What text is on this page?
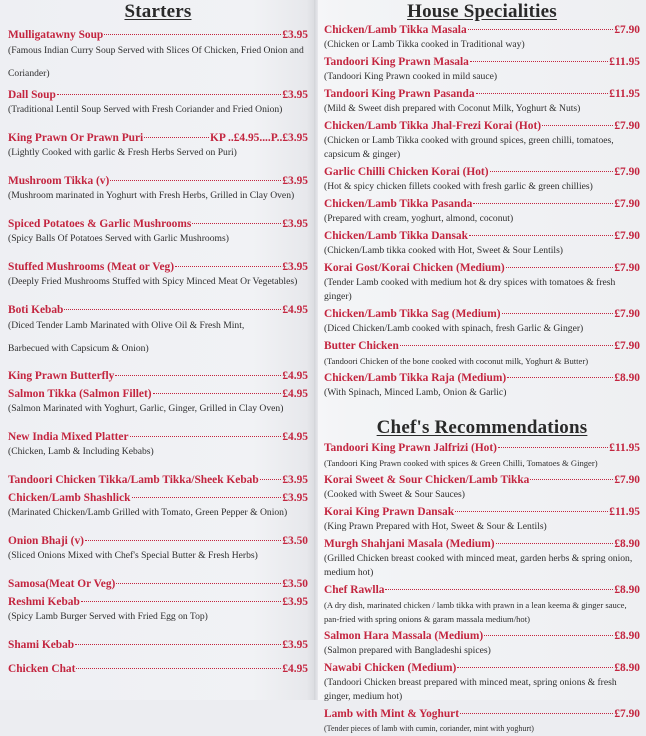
Starters
Mulligatawny Soup	£3.95
(Famous Indian Curry Soup Served with Slices Of Chicken, Fried Onion and Coriander)
Dall Soup	£3.95
(Traditional Lentil Soup Served with Fresh Coriander and Fried Onion)
King Prawn Or Prawn Puri	KP ..£4.95....P..£3.95
(Lightly Cooked with garlic & Fresh Herbs Served on Puri)
Mushroom Tikka (v)	£3.95
(Mushroom marinated in Yoghurt with Fresh Herbs, Grilled in Clay Oven)
Spiced Potatoes & Garlic Mushrooms	£3.95
(Spicy Balls Of Potatoes Served with Garlic Mushrooms)
Stuffed Mushrooms (Meat or Veg)	£3.95
(Deeply Fried Mushrooms Stuffed with Spicy Minced Meat Or Vegetables)
Boti Kebab	£4.95
(Diced Tender Lamb Marinated with Olive Oil & Fresh Mint, Barbecued with Capsicum & Onion)
King Prawn Butterfly	£4.95
Salmon Tikka (Salmon Fillet)	£4.95
(Salmon Marinated with Yoghurt, Garlic, Ginger, Grilled in Clay Oven)
New India Mixed Platter	£4.95
(Chicken, Lamb & Including Kebabs)
Tandoori Chicken Tikka/Lamb Tikka/Sheek Kebab £3.95
Chicken/Lamb Shashlick	£3.95
(Marinated Chicken/Lamb Grilled with Tomato, Green Pepper & Onion)
Onion Bhaji (v)	£3.50
(Sliced Onions Mixed with Chef's Special Butter & Fresh Herbs)
Samosa(Meat Or Veg)	£3.50
Reshmi Kebab	£3.95
(Spicy Lamb Burger Served with Fried Egg on Top)
Shami Kebab	£3.95
Chicken Chat	£4.95
House Specialities
Chicken/Lamb Tikka Masala	£7.90
(Chicken or Lamb Tikka cooked in Traditional way)
Tandoori King Prawn Masala	£11.95
(Tandoori King Prawn cooked in mild sauce)
Tandoori King Prawn Pasanda	£11.95
(Mild & Sweet dish prepared with Coconut Milk, Yoghurt & Nuts)
Chicken/Lamb Tikka Jhal-Frezi Korai (Hot)	£7.90
(Chicken or Lamb Tikka cooked with ground spices, green chilli, tomatoes, capsicum & ginger)
Garlic Chilli Chicken Korai (Hot)	£7.90
(Hot & spicy chicken fillets cooked with fresh garlic & green chillies)
Chicken/Lamb Tikka Pasanda	£7.90
(Prepared with cream, yoghurt, almond, coconut)
Chicken/Lamb Tikka Dansak	£7.90
(Chicken/Lamb tikka cooked with Hot, Sweet & Sour Lentils)
Korai Gost/Korai Chicken (Medium)	£7.90
(Tender Lamb cooked with medium hot & dry spices with tomatoes & fresh ginger)
Chicken/Lamb Tikka Sag (Medium)	£7.90
(Diced Chicken/Lamb cooked with spinach, fresh Garlic & Ginger)
Butter Chicken	£7.90
(Tandoori Chicken of the bone cooked with coconut milk, Yoghurt & Butter)
Chicken/Lamb Tikka Raja (Medium)	£8.90
(With Spinach, Minced Lamb, Onion & Garlic)
Chef's Recommendations
Tandoori King Prawn Jalfrizi (Hot)	£11.95
(Tandoori King Prawn cooked with spices & Green Chilli, Tomatoes & Ginger)
Korai Sweet & Sour Chicken/Lamb Tikka	£7.90
(Cooked with Sweet & Sour Sauces)
Korai King Prawn Dansak	£11.95
(King Prawn Prepared with Hot, Sweet & Sour & Lentils)
Murgh Shahjani Masala (Medium)	£8.90
(Grilled Chicken breast cooked with minced meat, garden herbs & spring onion, medium hot)
Chef Rawlla	£8.90
(A dry dish, marinated chicken / lamb tikka with prawn in a lean keema & ginger sauce, pan-fried with spring onions & garam massala medium/hot)
Salmon Hara Massala (Medium)	£8.90
(Salmon prepared with Bangladeshi spices)
Nawabi Chicken (Medium)	£8.90
(Tandoori Chicken breast prepared with minced meat, spring onions & fresh ginger, medium hot)
Lamb with Mint & Yoghurt	£7.90
(Tender pieces of lamb with cumin, coriander, mint with yoghurt)
